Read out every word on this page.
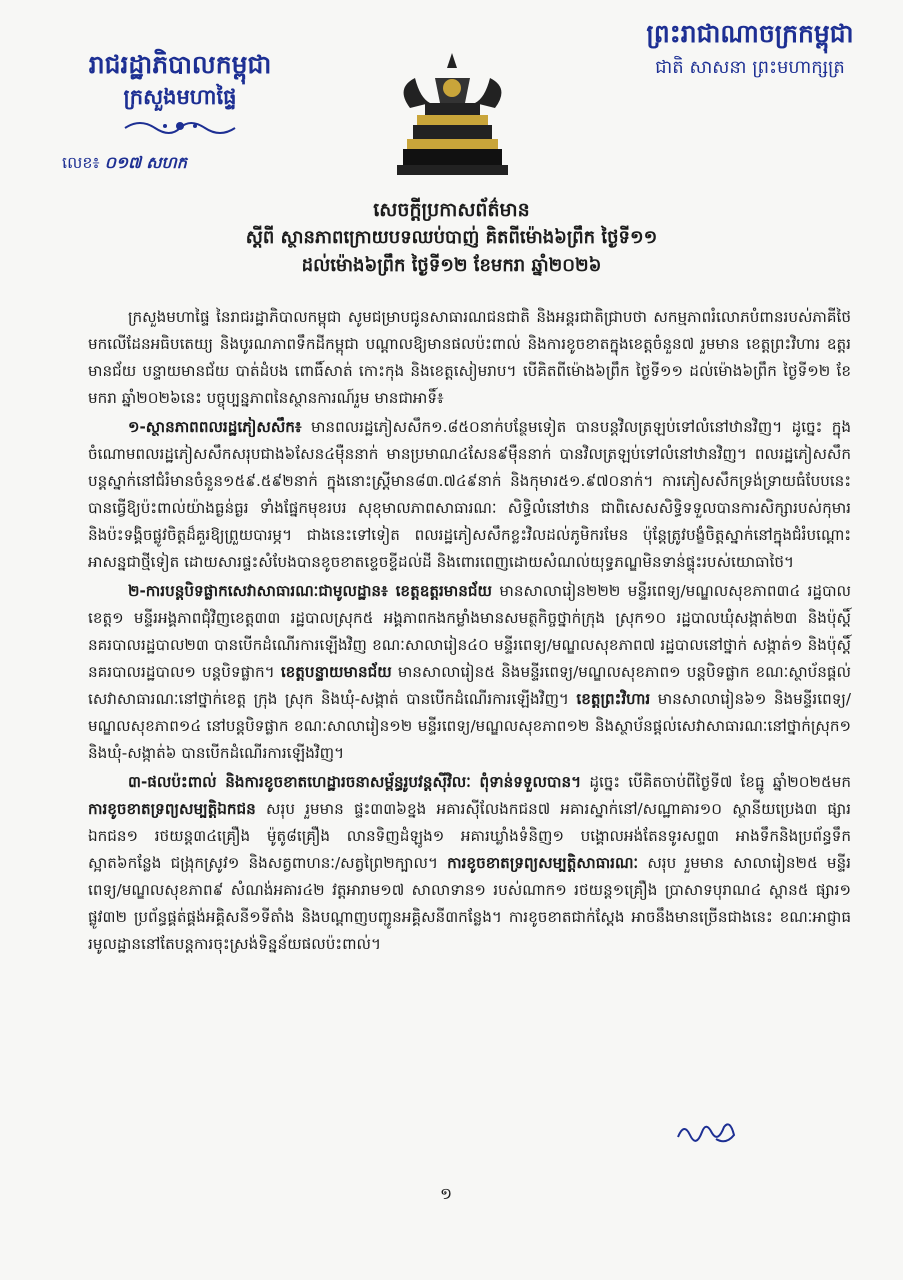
រាជរដ្ឋាភិបាលកម្ពុជា
ក្រសួងមហាផ្ទៃ
លេខ៖ ០១៧ សហក
ព្រះរាជាណាចក្រកម្ពុជា
ជាតិ សាសនា ព្រះមហាក្សត្រ
សេចក្តីប្រកាសព័ត៌មាន
ស្តីពី ស្ថានភាពក្រោយបទឈប់បាញ់ គិតពីម៉ោង៦ព្រឹក ថ្ងៃទី១១
ដល់ម៉ោង៦ព្រឹក ថ្ងៃទី១២ ខែមករា ឆ្នាំ២០២៦

ក្រសួងមហាផ្ទៃ នៃរាជរដ្ឋាភិបាលកម្ពុជា សូមជម្រាបជូនសាធារណជនជាតិ និងអន្តរជាតិជ្រាបថា សកម្មភាពរំលោភបំពានរបស់ភាគីថៃ មកលើដែនអធិបតេយ្យ និងបូរណភាពទឹកដីកម្ពុជា បណ្តាលឱ្យមានផលប៉ះពាល់ និងការខូចខាតក្នុងខេត្តចំនួន៧ រួមមាន ខេត្តព្រះវិហារ ឧត្តរមានជ័យ បន្ទាយមានជ័យ បាត់ដំបង ពោធិ៍សាត់ កោះកុង និងខេត្តសៀមរាប។ បើគិតពីម៉ោង៦ព្រឹក ថ្ងៃទី១១ ដល់ម៉ោង៦ព្រឹក ថ្ងៃទី១២ ខែមករា ឆ្នាំ២០២៦នេះ បច្ចុប្បន្នភាពនៃស្ថានការណ៍រួម មានជាអាទិ៍៖

១-ស្ថានភាពពលរដ្ឋភៀសសឹក៖ មានពលរដ្ឋភៀសសឹក១.៨៥០នាក់បន្ថែមទៀត បានបន្តវិលត្រឡប់ទៅលំនៅឋានវិញ។ ដូច្នេះ ក្នុងចំណោមពលរដ្ឋភៀសសឹកសរុបជាង៦សែន៤ម៉ឺននាក់ មានប្រមាណ៤សែន៩ម៉ឺននាក់ បានវិលត្រឡប់ទៅលំនៅឋានវិញ។ ពលរដ្ឋភៀសសឹកបន្តស្នាក់នៅជំរំមានចំនួន១៥៩.៥៩២នាក់ ក្នុងនោះស្ត្រីមាន៨៣.៧៤៩នាក់ និងកុមារ៥១.៩៧០នាក់។ ការភៀសសឹកទ្រង់ទ្រាយធំបែបនេះ បានធ្វើឱ្យប៉ះពាល់យ៉ាងធ្ងន់ធ្ងរ ទាំងផ្នែកមុខរបរ សុខុមាលភាពសាធារណៈ សិទ្ធិលំនៅឋាន ជាពិសេសសិទ្ធិទទួលបានការសិក្សារបស់កុមារ និងប៉ះទង្គិចផ្លូវចិត្តដ៏គួរឱ្យព្រួយបារម្ភ។ ជាងនេះទៅទៀត ពលរដ្ឋភៀសសឹកខ្លះវិលដល់ភូមិករមែន ប៉ុន្តែត្រូវបង្ខំចិត្តស្នាក់នៅក្នុងជំរំបណ្តោះអាសន្នជាថ្មីទៀត ដោយសារផ្ទះសំបែងបានខូចខាតខ្ទេចខ្ទីដល់ដី និងពោរពេញដោយសំណល់យុទ្ធភណ្ឌមិនទាន់ផ្ទុះរបស់យោធាថៃ។

២-ការបន្តបិទផ្លាកសេវាសាធារណៈជាមូលដ្ឋាន៖ ខេត្តឧត្តរមានជ័យ មានសាលារៀន២២២ មន្ទីរពេទ្យ/មណ្ឌលសុខភាព៣៤ រដ្ឋបាលខេត្ត១ មន្ទីរអង្គភាពជុំវិញខេត្ត៣៣ រដ្ឋបាលស្រុក៥ អង្គភាពកងកម្លាំងមានសមត្ថកិច្ចថ្នាក់ក្រុង ស្រុក១០ រដ្ឋបាលឃុំសង្កាត់២៣ និងប៉ុស្តិ៍នគរបាលរដ្ឋបាល២៣ បានបើកដំណើរការឡើងវិញ ខណៈសាលារៀន៤០ មន្ទីរពេទ្យ/មណ្ឌលសុខភាព៧ រដ្ឋបាលនៅថ្នាក់ សង្កាត់១ និងប៉ុស្តិ៍នគរបាលរដ្ឋបាល១ បន្តបិទផ្លាក។ ខេត្តបន្ទាយមានជ័យ មានសាលារៀន៥ និងមន្ទីរពេទ្យ/មណ្ឌលសុខភាព១ បន្តបិទផ្លាក ខណៈស្ថាប័នផ្តល់សេវាសាធារណៈនៅថ្នាក់ខេត្ត ក្រុង ស្រុក និងឃុំ-សង្កាត់ បានបើកដំណើរការឡើងវិញ។ ខេត្តព្រះវិហារ មានសាលារៀន៦១ និងមន្ទីរពេទ្យ/មណ្ឌលសុខភាព១៤ នៅបន្តបិទផ្លាក ខណៈសាលារៀន១២ មន្ទីរពេទ្យ/មណ្ឌលសុខភាព១២ និងស្ថាប័នផ្តល់សេវាសាធារណៈនៅថ្នាក់ស្រុក១ និងឃុំ-សង្កាត់៦ បានបើកដំណើរការឡើងវិញ។

៣-ផលប៉ះពាល់ និងការខូចខាតហេដ្ឋារចនាសម្ព័ន្ធរូបវន្តស៊ីវិលៈ ពុំទាន់ទទួលបាន។ ដូច្នេះ បើគិតចាប់ពីថ្ងៃទី៧ ខែធ្នូ ឆ្នាំ២០២៥មក ការខូចខាតទ្រព្យសម្បត្តិឯកជន សរុប រួមមាន ផ្ទះ៣៣៦ខ្នង អគារស៊ីលែងកជន៧ អគារស្នាក់នៅ/សណ្ឋាគារ១០ ស្ថានីយប្រេង៣ ផ្សារឯកជន១ រថយន្ត៣៤គ្រឿង ម៉ូតូ៨គ្រឿង លានទិញដំឡូង១ អគារឃ្លាំងទំនិញ១ បង្គោលអង់តែនទូរសព្ទ៣ អាងទឹកនិងប្រព័ន្ធទឹកស្អាត៦កន្លែង ជង្រុកស្រូវ១ និងសត្វពាហនៈ/សត្វព្រៃ២ក្បាល។ ការខូចខាតទ្រព្យសម្បត្តិសាធារណៈ សរុប រួមមាន សាលារៀន២៥ មន្ទីរពេទ្យ/មណ្ឌលសុខភាព៩ សំណង់អគារ៤២ វត្តអារាម១៧ សាលាទាន១ របស់ណាក១ រថយន្ត១គ្រឿង ប្រាសាទបុរាណ៤ ស្ពាន៥ ផ្សារ១ ផ្លូវ៣២ ប្រព័ន្ធផ្គត់ផ្គង់អគ្គិសនី១ទីតាំង និងបណ្តាញបញ្ជូនអគ្គិសនី៣កន្លែង។ ការខូចខាតជាក់ស្តែង អាចនឹងមានច្រើនជាងនេះ ខណៈអាជ្ញាធរមូលដ្ឋាននៅតែបន្តការចុះស្រង់ទិន្នន័យផលប៉ះពាល់។

១
